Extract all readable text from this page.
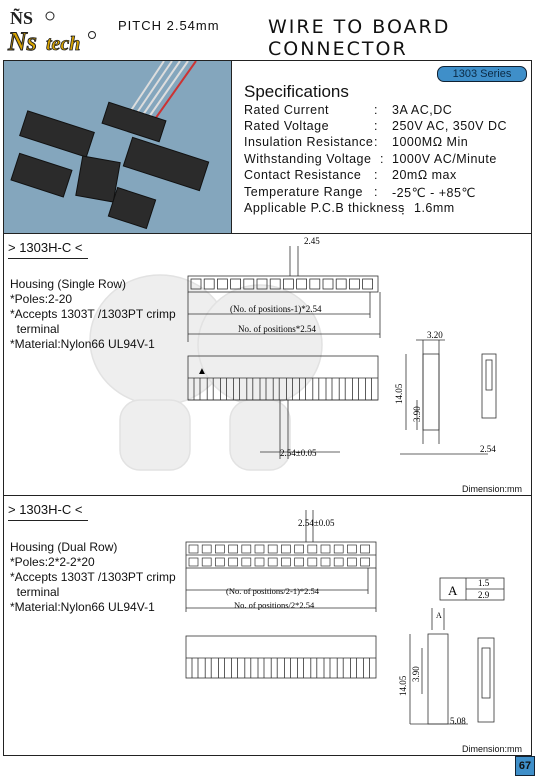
ÑS
Ns tech
PITCH 2.54mm	WIRE TO BOARD CONNECTOR
1303 Series
Specifications
Rated Current	: 3A AC,DC
Rated Voltage	: 250V AC, 350V DC
Insulation Resistance : 1000MΩ Min
Withstanding Voltage : 1000V AC/Minute
Contact Resistance : 20mΩ max
Temperature Range : -25℃ - +85℃
Applicable P.C.B thickness
： 1.6mm
> 1303H-C <
Housing (Single Row)
*Poles:2-20
*Accepts 1303T /1303PT crimp
terminal
*Material:Nylon66 UL94V-1
2.45
(No. of positions-1)*2.54
No. of positions*2.54
3.20
14.05
3.90
2.54±0.05	2.54
▲
Dimension:mm
> 1303H-C <
Housing (Dual Row)
*Poles:2*2-2*20
*Accepts 1303T /1303PT crimp
terminal
*Material:Nylon66 UL94V-1
2.54±0.05
(No. of positions/2-1)*2.54
No. of positions/2*2.54
A 1.5
2.9
A
14.05
3.90
5.08
Dimension:mm
67
